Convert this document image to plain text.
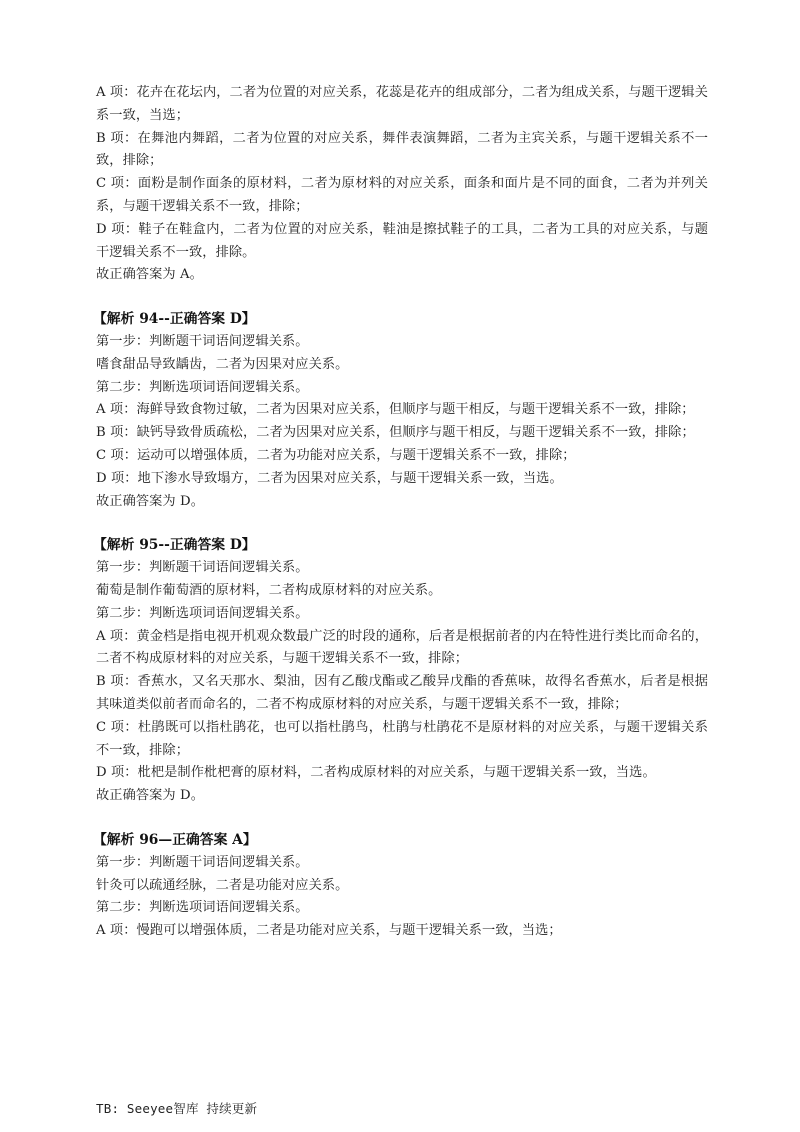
A 项：花卉在花坛内，二者为位置的对应关系，花蕊是花卉的组成部分，二者为组成关系，与题干逻辑关系一致，当选；

B 项：在舞池内舞蹈，二者为位置的对应关系，舞伴表演舞蹈，二者为主宾关系，与题干逻辑关系不一致，排除；

C 项：面粉是制作面条的原材料，二者为原材料的对应关系，面条和面片是不同的面食，二者为并列关系，与题干逻辑关系不一致，排除；

D 项：鞋子在鞋盒内，二者为位置的对应关系，鞋油是擦拭鞋子的工具，二者为工具的对应关系，与题干逻辑关系不一致，排除。

故正确答案为 A。

【解析 94--正确答案 D】

第一步：判断题干词语间逻辑关系。

嗜食甜品导致龋齿，二者为因果对应关系。

第二步：判断选项词语间逻辑关系。

A 项：海鲜导致食物过敏，二者为因果对应关系，但顺序与题干相反，与题干逻辑关系不一致，排除；

B 项：缺钙导致骨质疏松，二者为因果对应关系，但顺序与题干相反，与题干逻辑关系不一致，排除；

C 项：运动可以增强体质，二者为功能对应关系，与题干逻辑关系不一致，排除；

D 项：地下渗水导致塌方，二者为因果对应关系，与题干逻辑关系一致，当选。

故正确答案为 D。

【解析 95--正确答案 D】

第一步：判断题干词语间逻辑关系。

葡萄是制作葡萄酒的原材料，二者构成原材料的对应关系。

第二步：判断选项词语间逻辑关系。

A 项：黄金档是指电视开机观众数最广泛的时段的通称，后者是根据前者的内在特性进行类比而命名的，二者不构成原材料的对应关系，与题干逻辑关系不一致，排除；

B 项：香蕉水，又名天那水、梨油，因有乙酸戊酯或乙酸异戊酯的香蕉味，故得名香蕉水，后者是根据其味道类似前者而命名的，二者不构成原材料的对应关系，与题干逻辑关系不一致，排除；

C 项：杜鹃既可以指杜鹃花，也可以指杜鹃鸟，杜鹃与杜鹃花不是原材料的对应关系，与题干逻辑关系不一致，排除；

D 项：枇杷是制作枇杷膏的原材料，二者构成原材料的对应关系，与题干逻辑关系一致，当选。

故正确答案为 D。

【解析 96—正确答案 A】

第一步：判断题干词语间逻辑关系。

针灸可以疏通经脉，二者是功能对应关系。

第二步：判断选项词语间逻辑关系。

A 项：慢跑可以增强体质，二者是功能对应关系，与题干逻辑关系一致，当选；

TB: Seeyee智库 持续更新
